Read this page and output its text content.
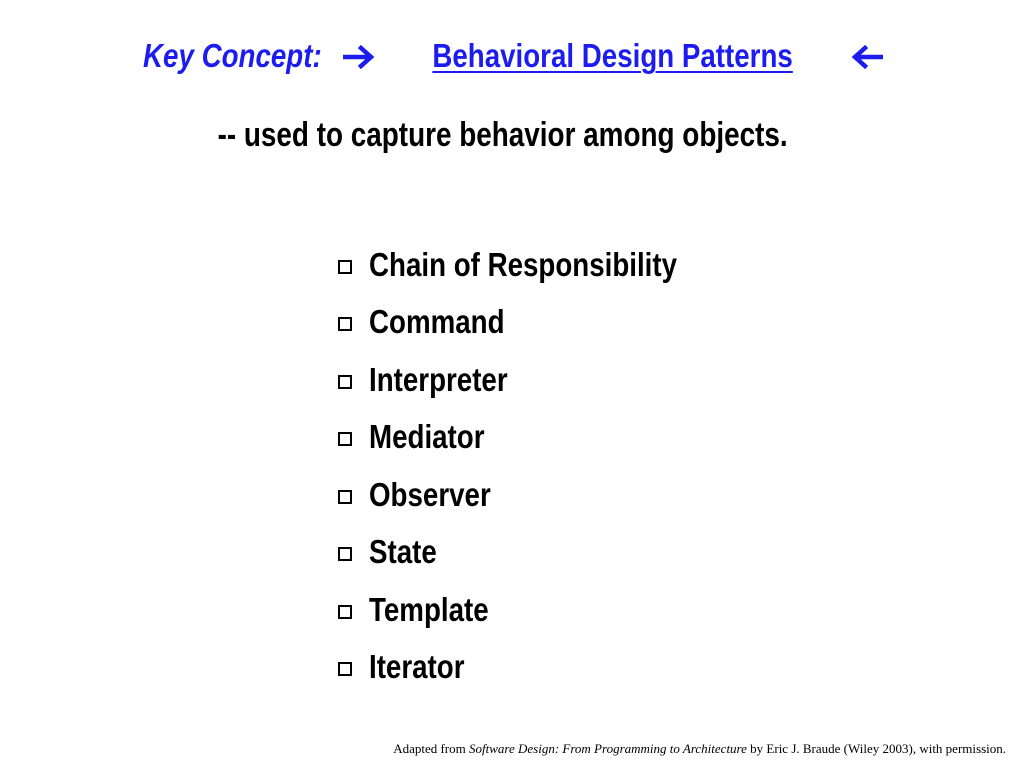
Key Concept:	Behavioral Design Patterns
-- used to capture behavior among objects.
Chain of Responsibility
Command
Interpreter
Mediator
Observer
State
Template
Iterator
Adapted from Software Design: From Programming to Architecture by Eric J. Braude (Wiley 2003), with permission.
